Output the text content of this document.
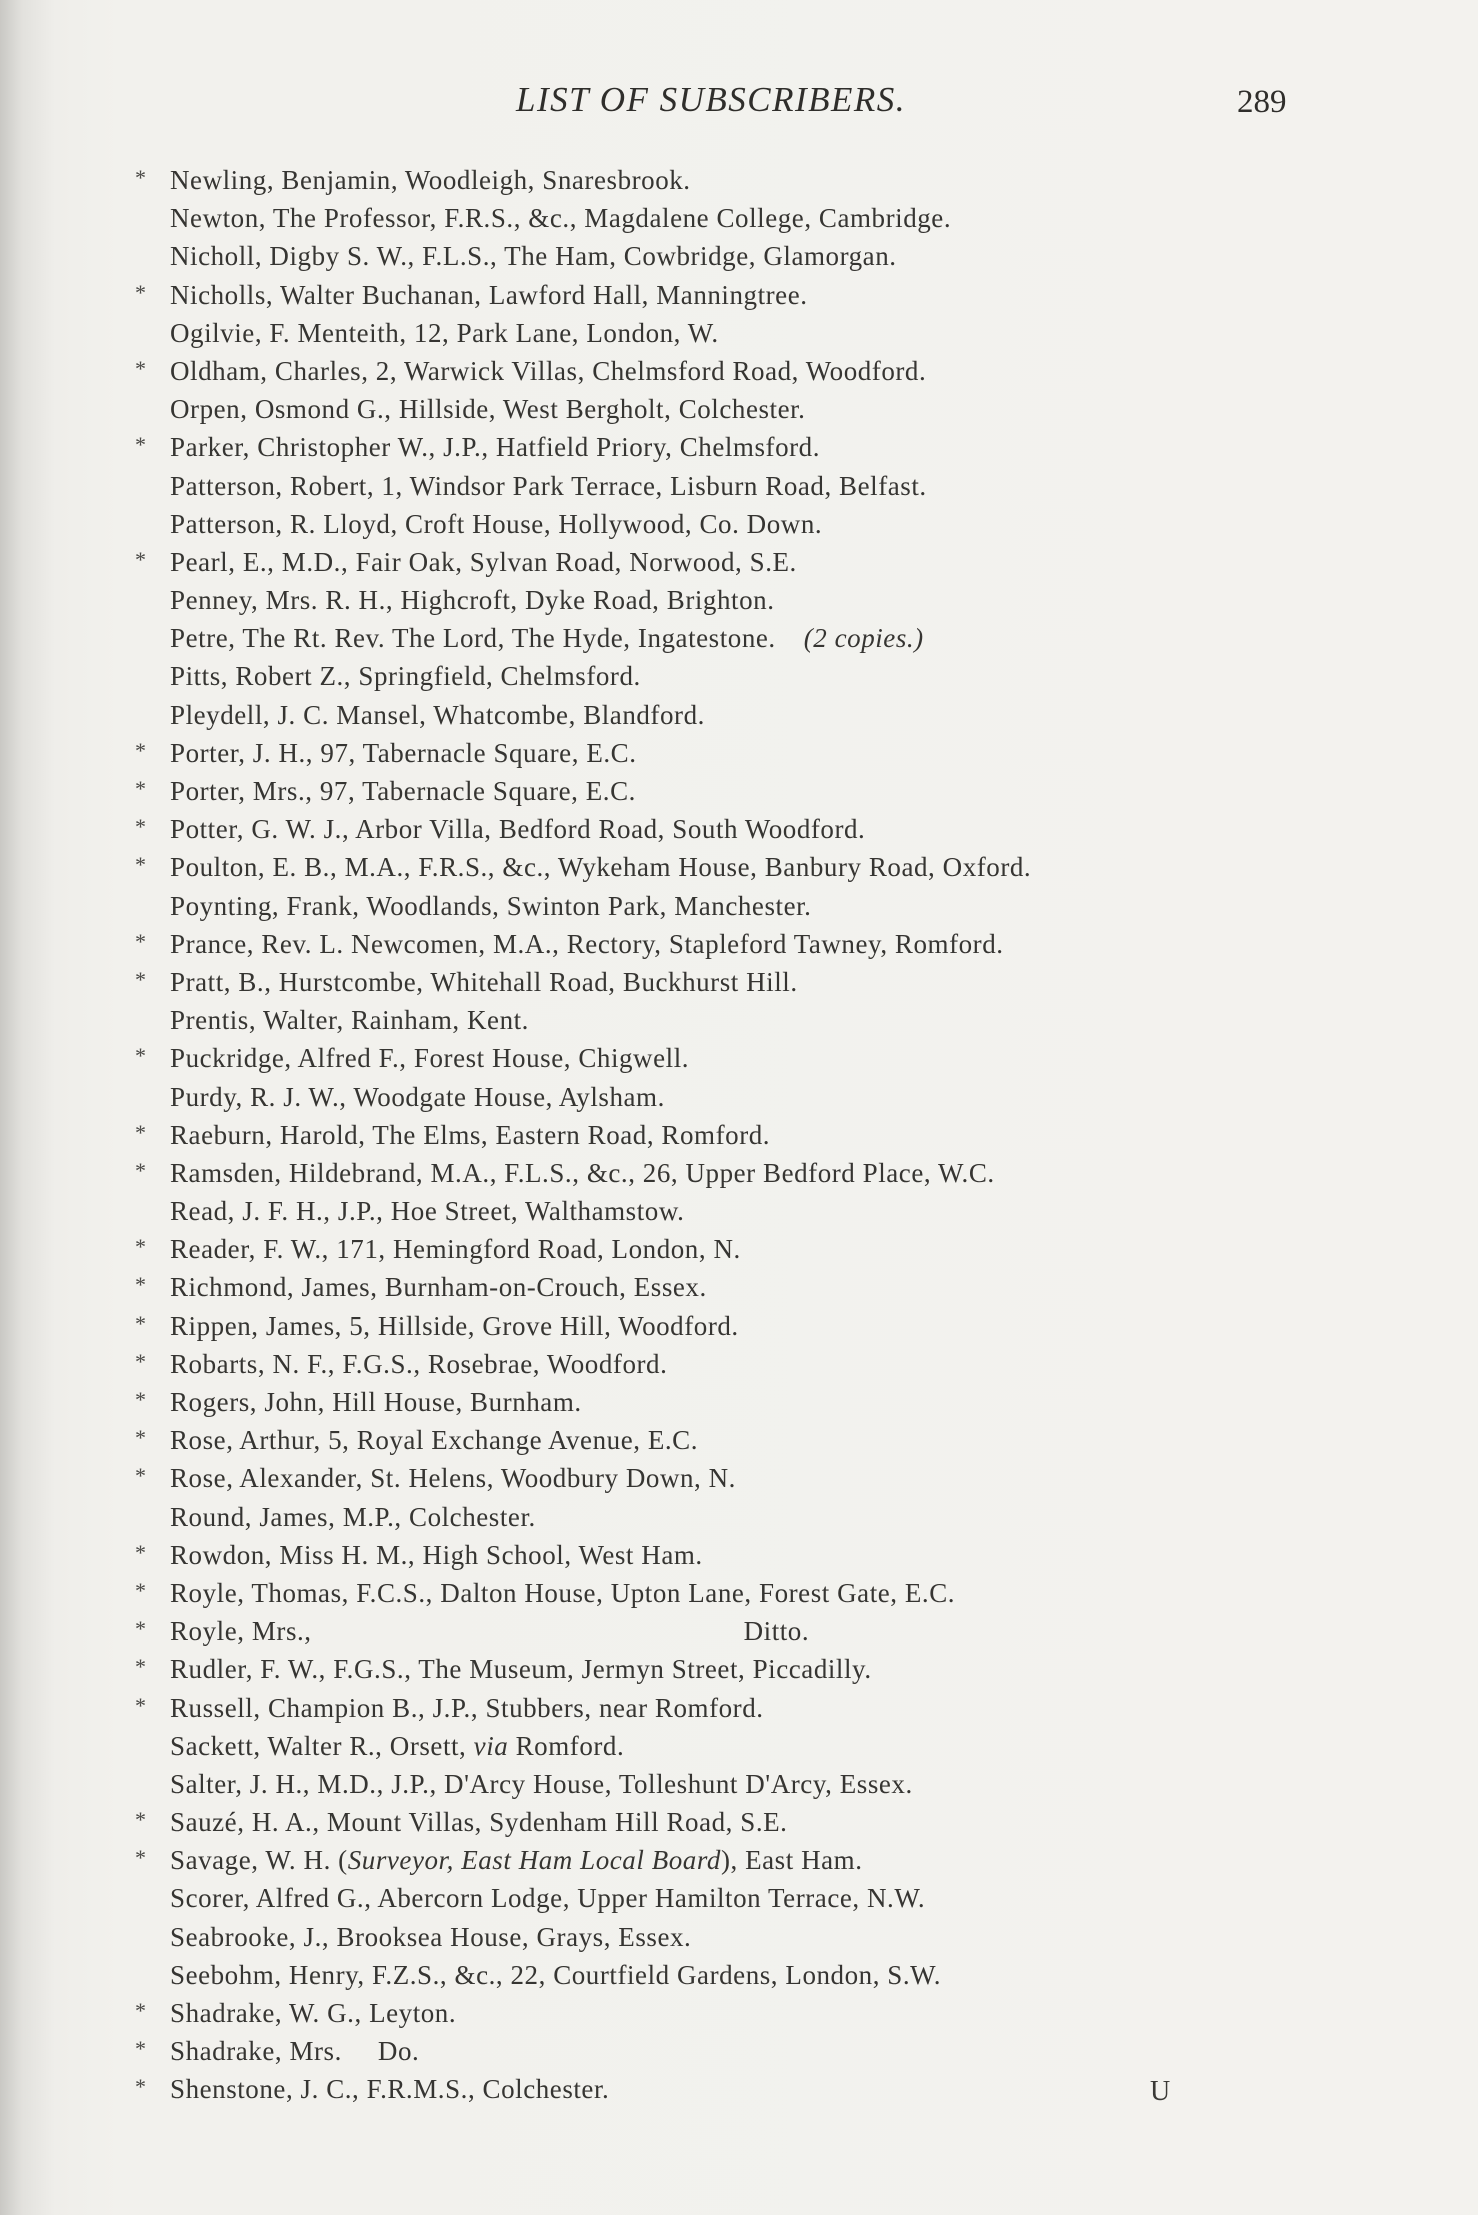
LIST OF SUBSCRIBERS.	289
* Newling, Benjamin, Woodleigh, Snaresbrook.
Newton, The Professor, F.R.S., &c., Magdalene College, Cambridge.
Nicholl, Digby S. W., F.L.S., The Ham, Cowbridge, Glamorgan.
* Nicholls, Walter Buchanan, Lawford Hall, Manningtree.
Ogilvie, F. Menteith, 12, Park Lane, London, W.
* Oldham, Charles, 2, Warwick Villas, Chelmsford Road, Woodford.
Orpen, Osmond G., Hillside, West Bergholt, Colchester.
* Parker, Christopher W., J.P., Hatfield Priory, Chelmsford.
Patterson, Robert, 1, Windsor Park Terrace, Lisburn Road, Belfast.
Patterson, R. Lloyd, Croft House, Hollywood, Co. Down.
* Pearl, E., M.D., Fair Oak, Sylvan Road, Norwood, S.E.
Penney, Mrs. R. H., Highcroft, Dyke Road, Brighton.
Petre, The Rt. Rev. The Lord, The Hyde, Ingatestone. (2 copies.)
Pitts, Robert Z., Springfield, Chelmsford.
Pleydell, J. C. Mansel, Whatcombe, Blandford.
* Porter, J. H., 97, Tabernacle Square, E.C.
* Porter, Mrs., 97, Tabernacle Square, E.C.
* Potter, G. W. J., Arbor Villa, Bedford Road, South Woodford.
* Poulton, E. B., M.A., F.R.S., &c., Wykeham House, Banbury Road, Oxford.
Poynting, Frank, Woodlands, Swinton Park, Manchester.
* Prance, Rev. L. Newcomen, M.A., Rectory, Stapleford Tawney, Romford.
* Pratt, B., Hurstcombe, Whitehall Road, Buckhurst Hill.
Prentis, Walter, Rainham, Kent.
* Puckridge, Alfred F., Forest House, Chigwell.
Purdy, R. J. W., Woodgate House, Aylsham.
* Raeburn, Harold, The Elms, Eastern Road, Romford.
* Ramsden, Hildebrand, M.A., F.L.S., &c., 26, Upper Bedford Place, W.C.
Read, J. F. H., J.P., Hoe Street, Walthamstow.
* Reader, F. W., 171, Hemingford Road, London, N.
* Richmond, James, Burnham-on-Crouch, Essex.
* Rippen, James, 5, Hillside, Grove Hill, Woodford.
* Robarts, N. F., F.G.S., Rosebrae, Woodford.
* Rogers, John, Hill House, Burnham.
* Rose, Arthur, 5, Royal Exchange Avenue, E.C.
* Rose, Alexander, St. Helens, Woodbury Down, N.
Round, James, M.P., Colchester.
* Rowdon, Miss H. M., High School, West Ham.
* Royle, Thomas, F.C.S., Dalton House, Upton Lane, Forest Gate, E.C.
* Royle, Mrs.,	Ditto.
* Rudler, F. W., F.G.S., The Museum, Jermyn Street, Piccadilly.
* Russell, Champion B., J.P., Stubbers, near Romford.
Sackett, Walter R., Orsett, via Romford.
Salter, J. H., M.D., J.P., D'Arcy House, Tolleshunt D'Arcy, Essex.
* Sauzé, H. A., Mount Villas, Sydenham Hill Road, S.E.
* Savage, W. H. (Surveyor, East Ham Local Board), East Ham.
Scorer, Alfred G., Abercorn Lodge, Upper Hamilton Terrace, N.W.
Seabrooke, J., Brooksea House, Grays, Essex.
Seebohm, Henry, F.Z.S., &c., 22, Courtfield Gardens, London, S.W.
* Shadrake, W. G., Leyton.
* Shadrake, Mrs. Do.
* Shenstone, J. C., F.R.M.S., Colchester.	U
